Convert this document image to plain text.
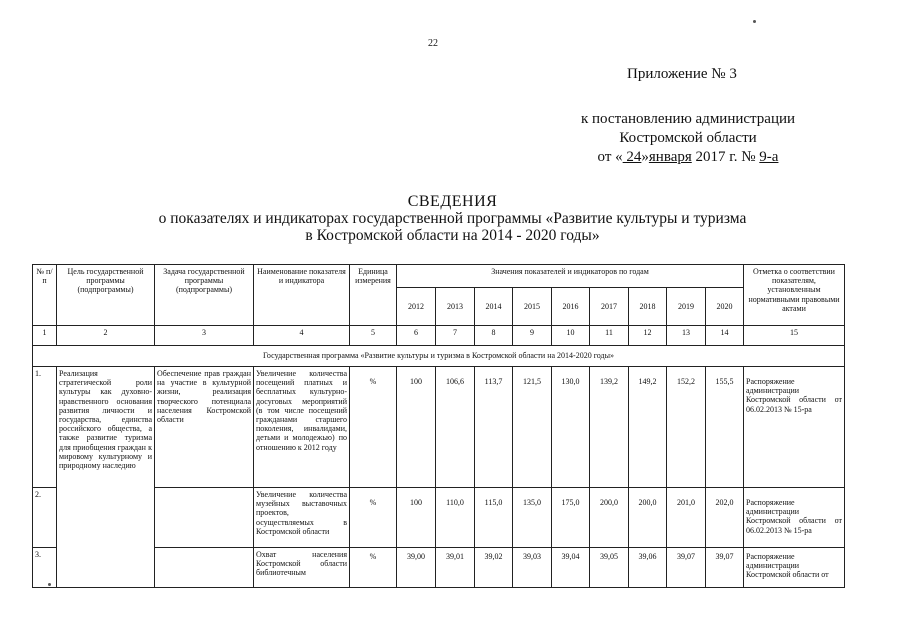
22
Приложение № 3
к постановлению администрации
Костромской области
от « 24»января 2017 г. № 9-а
СВЕДЕНИЯ
о показателях и индикаторах государственной программы «Развитие культуры и туризма
в Костромской области на 2014 - 2020 годы»
№ п/п	Цель государственной программы (подпрограммы)	Задача государственной программы (подпрограммы)	Наименование показателя и индикатора	Единица измерения	Значения показателей и индикаторов по годам									Отметка о соответствии показателям, установленным нормативными правовыми актами
					2012	2013	2014	2015	2016	2017	2018	2019	2020	
1	2	3	4	5	6	7	8	9	10	11	12	13	14	15
Государственная программа «Развитие культуры и туризма в Костромской области на 2014-2020 годы»														
1.	Реализация стратегической роли культуры как духовно-нравственного основания развития личности и государства, единства российского общества, а также развитие туризма для приобщения граждан к мировому культурному и природному наследию	Обеспечение прав граждан на участие в культурной жизни, реализация творческого потенциала населения Костромской области	Увеличение количества посещений платных и бесплатных культурно-досуговых мероприятий (в том числе посещений гражданами старшего поколения, инвалидами, детьми и молодежью) по отношению к 2012 году	%	100	106,6	113,7	121,5	130,0	139,2	149,2	152,2	155,5	Распоряжение администрации Костромской области от 06.02.2013 № 15-ра
2.			Увеличение количества музейных выставочных проектов, осуществляемых в Костромской области	%	100	110,0	115,0	135,0	175,0	200,0	200,0	201,0	202,0	Распоряжение администрации Костромской области от 06.02.2013 № 15-ра
3.			Охват населения Костромской области библиотечным	%	39,00	39,01	39,02	39,03	39,04	39,05	39,06	39,07	39,07	Распоряжение администрации Костромской области от
